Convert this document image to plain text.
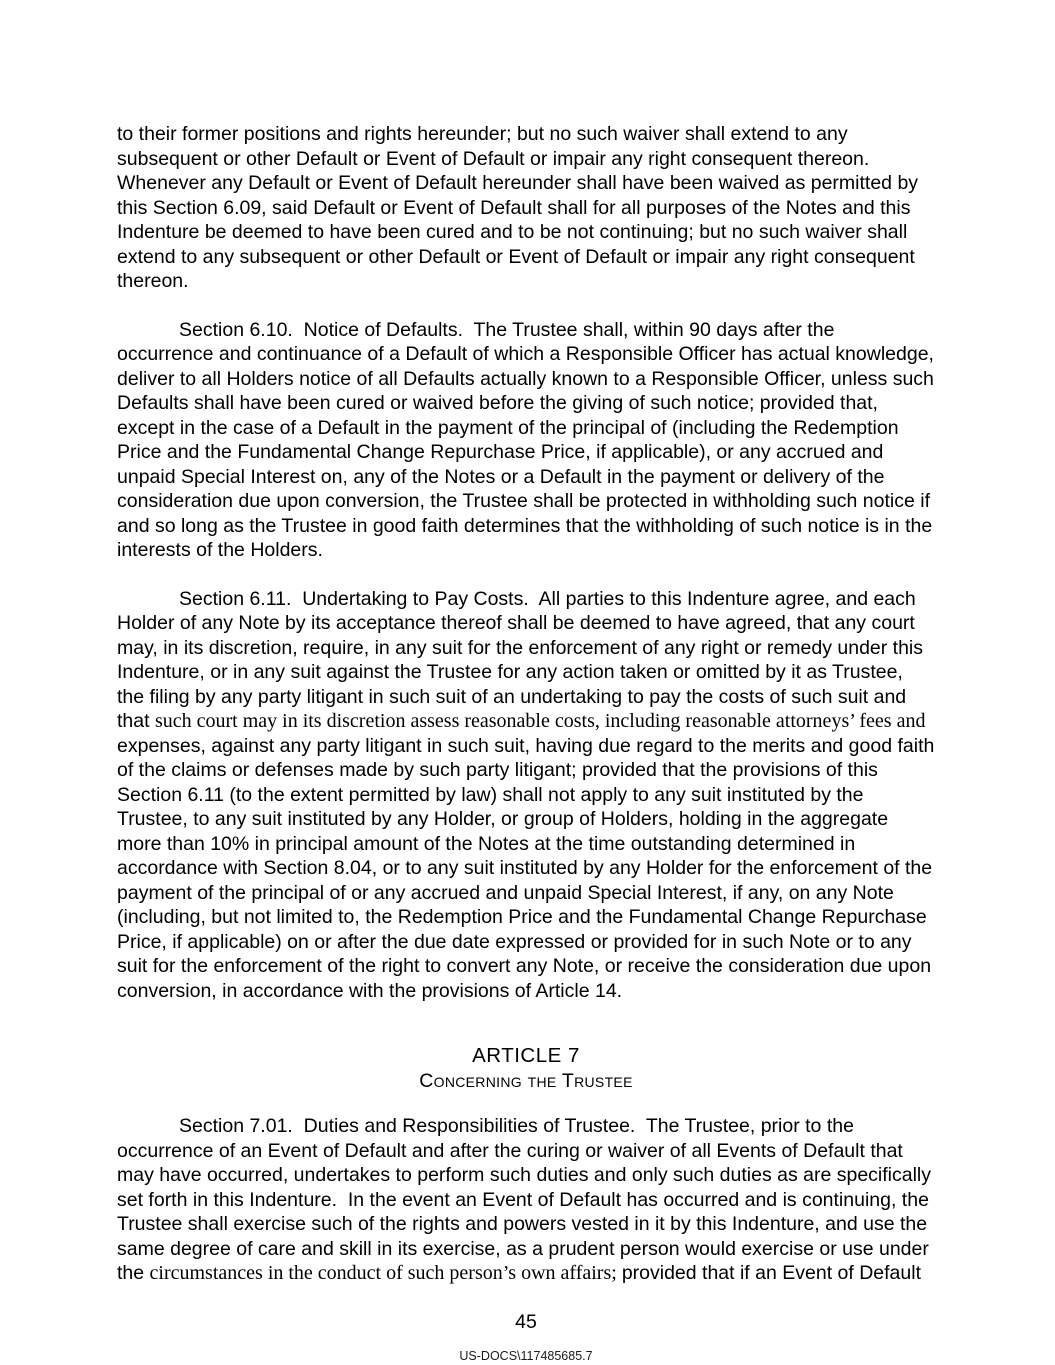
to their former positions and rights hereunder; but no such waiver shall extend to any subsequent or other Default or Event of Default or impair any right consequent thereon.  Whenever any Default or Event of Default hereunder shall have been waived as permitted by this Section 6.09, said Default or Event of Default shall for all purposes of the Notes and this Indenture be deemed to have been cured and to be not continuing; but no such waiver shall extend to any subsequent or other Default or Event of Default or impair any right consequent thereon.

Section 6.10.  Notice of Defaults.  The Trustee shall, within 90 days after the occurrence and continuance of a Default of which a Responsible Officer has actual knowledge, deliver to all Holders notice of all Defaults actually known to a Responsible Officer, unless such Defaults shall have been cured or waived before the giving of such notice; provided that, except in the case of a Default in the payment of the principal of (including the Redemption Price and the Fundamental Change Repurchase Price, if applicable), or any accrued and unpaid Special Interest on, any of the Notes or a Default in the payment or delivery of the consideration due upon conversion, the Trustee shall be protected in withholding such notice if and so long as the Trustee in good faith determines that the withholding of such notice is in the interests of the Holders.

Section 6.11.  Undertaking to Pay Costs.  All parties to this Indenture agree, and each Holder of any Note by its acceptance thereof shall be deemed to have agreed, that any court may, in its discretion, require, in any suit for the enforcement of any right or remedy under this Indenture, or in any suit against the Trustee for any action taken or omitted by it as Trustee, the filing by any party litigant in such suit of an undertaking to pay the costs of such suit and that such court may in its discretion assess reasonable costs, including reasonable attorneys’ fees and expenses, against any party litigant in such suit, having due regard to the merits and good faith of the claims or defenses made by such party litigant; provided that the provisions of this Section 6.11 (to the extent permitted by law) shall not apply to any suit instituted by the Trustee, to any suit instituted by any Holder, or group of Holders, holding in the aggregate more than 10% in principal amount of the Notes at the time outstanding determined in accordance with Section 8.04, or to any suit instituted by any Holder for the enforcement of the payment of the principal of or any accrued and unpaid Special Interest, if any, on any Note (including, but not limited to, the Redemption Price and the Fundamental Change Repurchase Price, if applicable) on or after the due date expressed or provided for in such Note or to any suit for the enforcement of the right to convert any Note, or receive the consideration due upon conversion, in accordance with the provisions of Article 14.

ARTICLE 7
Concerning the Trustee

Section 7.01.  Duties and Responsibilities of Trustee.  The Trustee, prior to the occurrence of an Event of Default and after the curing or waiver of all Events of Default that may have occurred, undertakes to perform such duties and only such duties as are specifically set forth in this Indenture.  In the event an Event of Default has occurred and is continuing, the Trustee shall exercise such of the rights and powers vested in it by this Indenture, and use the same degree of care and skill in its exercise, as a prudent person would exercise or use under the circumstances in the conduct of such person’s own affairs; provided that if an Event of Default

45
US-DOCS\117485685.7
